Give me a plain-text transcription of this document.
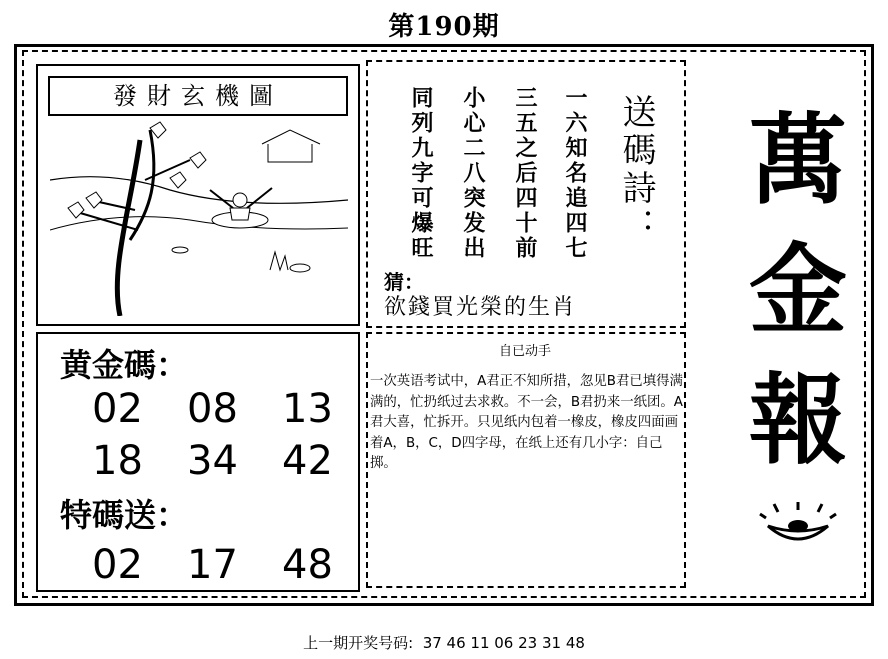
第190期
發財玄機圖	送碼詩：
一六知名追四七
三五之后四十前
小心二八突发出
同列九字可爆旺
猜：
欲錢買光榮的生肖
萬
金
報
黄金碼：
02 08 13
18 34 42
特碼送：
02 17 48
自已动手
一次英语考试中，A君正不知所措，忽见B君已填得满满的，忙扔纸过去求救。不一会，B君扔来一纸团。A君大喜，忙拆开。只见纸内包着一橡皮，橡皮四面画着A，B，C，D四字母，在纸上还有几小字：自己掷。
上一期开奖号码: 37 46 11 06 23 31 48
